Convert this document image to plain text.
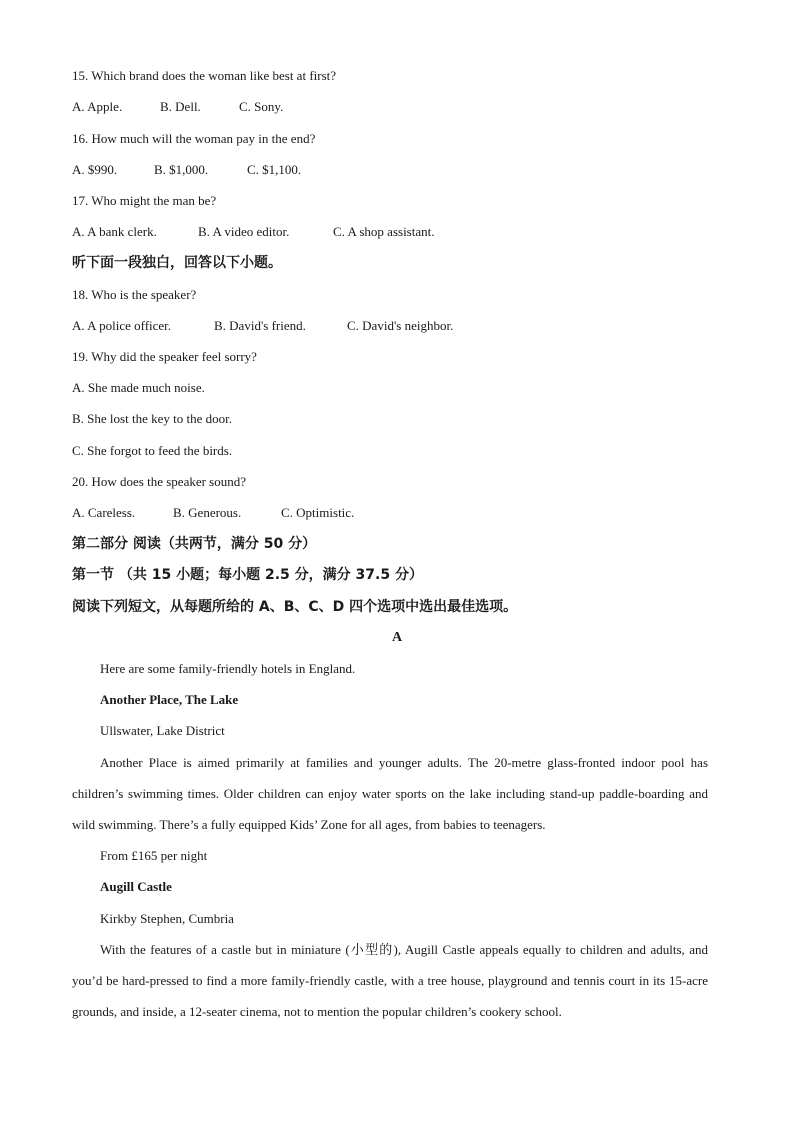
15. Which brand does the woman like best at first?
A. Apple.	B. Dell.	C. Sony.
16. How much will the woman pay in the end?
A. $990.	B. $1,000.	C. $1,100.
17. Who might the man be?
A. A bank clerk.	B. A video editor.	C. A shop assistant.
听下面一段独白，回答以下小题。
18. Who is the speaker?
A. A police officer.	B. David's friend.	C. David's neighbor.
19. Why did the speaker feel sorry?
A. She made much noise.
B. She lost the key to the door.
C. She forgot to feed the birds.
20. How does the speaker sound?
A. Careless.	B. Generous.	C. Optimistic.
第二部分 阅读（共两节，满分 50 分）
第一节 （共 15 小题；每小题 2.5 分，满分 37.5 分）
阅读下列短文，从每题所给的 A、B、C、D 四个选项中选出最佳选项。
A
Here are some family-friendly hotels in England.
Another Place, The Lake
Ullswater, Lake District
Another Place is aimed primarily at families and younger adults. The 20-metre glass-fronted indoor pool has children’s swimming times. Older children can enjoy water sports on the lake including stand-up paddle-boarding and wild swimming. There’s a fully equipped Kids’ Zone for all ages, from babies to teenagers.
From £165 per night
Augill Castle
Kirkby Stephen, Cumbria
With the features of a castle but in miniature (小型的), Augill Castle appeals equally to children and adults, and you’d be hard-pressed to find a more family-friendly castle, with a tree house, playground and tennis court in its 15-acre grounds, and inside, a 12-seater cinema, not to mention the popular children’s cookery school.
